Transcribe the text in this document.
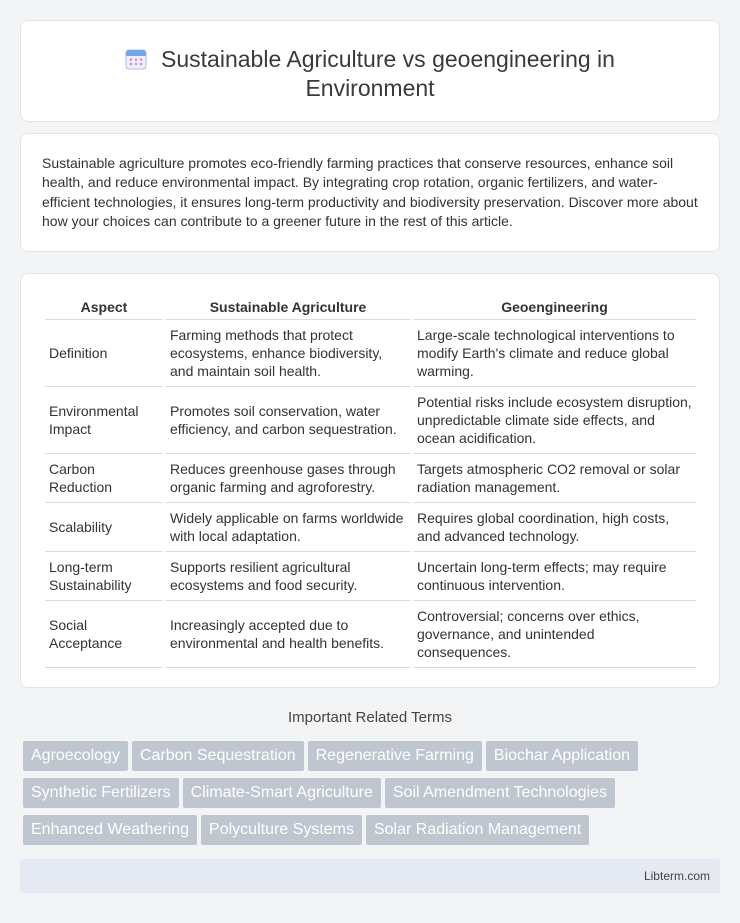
Sustainable Agriculture vs geoengineering in
Environment

Sustainable agriculture promotes eco-friendly farming practices that conserve resources, enhance soil health, and reduce environmental impact. By integrating crop rotation, organic fertilizers, and water-efficient technologies, it ensures long-term productivity and biodiversity preservation. Discover more about how your choices can contribute to a greener future in the rest of this article.

Aspect	Sustainable Agriculture	Geoengineering
Definition	Farming methods that protect ecosystems, enhance biodiversity, and maintain soil health.	Large-scale technological interventions to modify Earth's climate and reduce global warming.
Environmental Impact	Promotes soil conservation, water efficiency, and carbon sequestration.	Potential risks include ecosystem disruption, unpredictable climate side effects, and ocean acidification.
Carbon Reduction	Reduces greenhouse gases through organic farming and agroforestry.	Targets atmospheric CO2 removal or solar radiation management.
Scalability	Widely applicable on farms worldwide with local adaptation.	Requires global coordination, high costs, and advanced technology.
Long-term Sustainability	Supports resilient agricultural ecosystems and food security.	Uncertain long-term effects; may require continuous intervention.
Social Acceptance	Increasingly accepted due to environmental and health benefits.	Controversial; concerns over ethics, governance, and unintended consequences.
Important Related Terms
Agroecology Carbon Sequestration Regenerative Farming Biochar Application
Synthetic Fertilizers Climate-Smart Agriculture Soil Amendment Technologies
Enhanced Weathering Polyculture Systems Solar Radiation Management
Libterm.com
